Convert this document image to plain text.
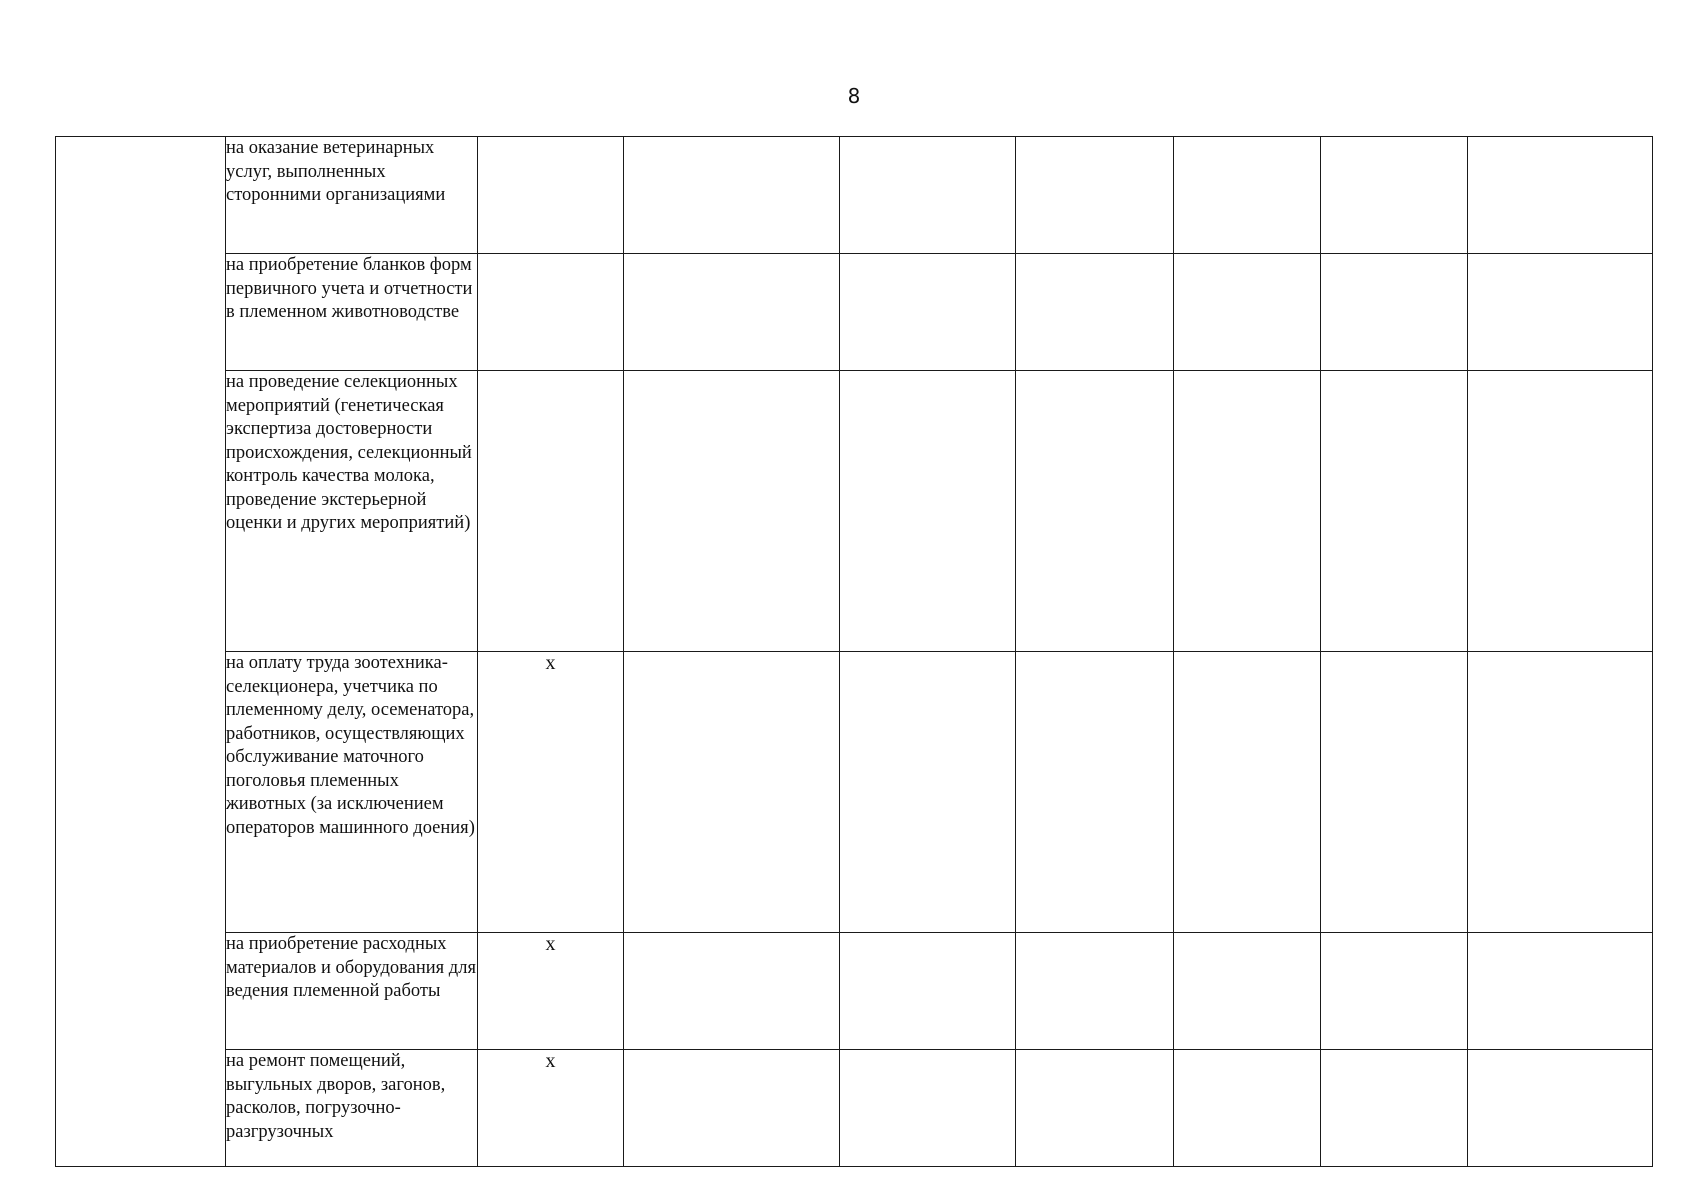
8
	на оказание ветеринарных услуг, выполненных сторонними организациями							
	на приобретение бланков форм первичного учета и отчетности в племенном животноводстве							
	на проведение селекционных мероприятий (генетическая экспертиза достоверности происхождения, селекционный контроль качества молока, проведение экстерьерной оценки и других мероприятий)							
	на оплату труда зоотехника-селекционера, учетчика по племенному делу, осеменатора, работников, осуществляющих обслуживание маточного поголовья племенных животных (за исключением операторов машинного доения)	x						
	на приобретение расходных материалов и оборудования для ведения племенной работы	x						
	на ремонт помещений, выгульных дворов, загонов, расколов, погрузочно-разгрузочных	x						
